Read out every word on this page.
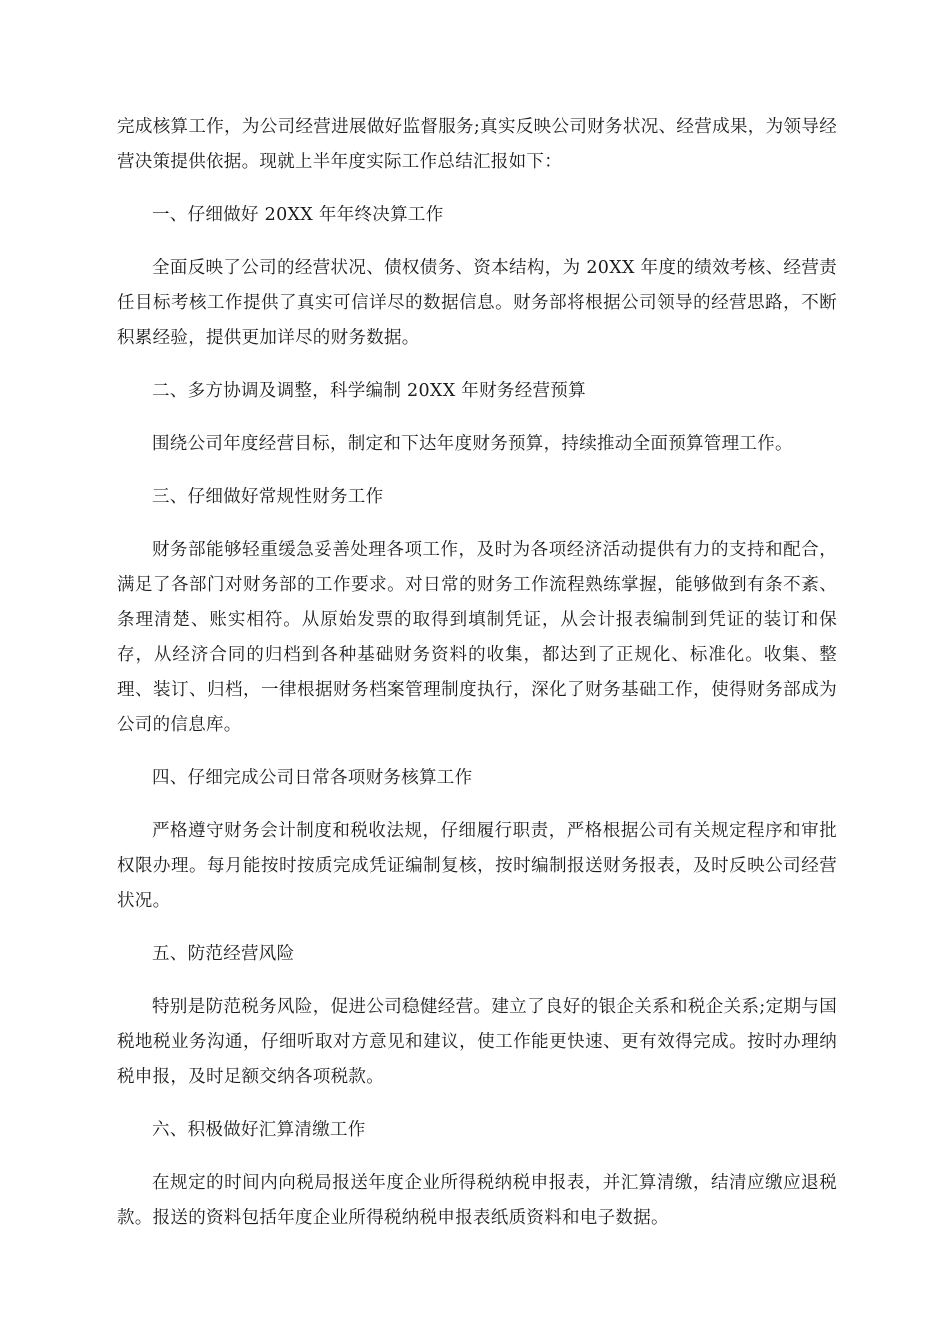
完成核算工作，为公司经营进展做好监督服务;真实反映公司财务状况、经营成果，为领导经营决策提供依据。现就上半年度实际工作总结汇报如下：

一、仔细做好 20XX 年年终决算工作

全面反映了公司的经营状况、债权债务、资本结构，为 20XX 年度的绩效考核、经营责任目标考核工作提供了真实可信详尽的数据信息。财务部将根据公司领导的经营思路，不断积累经验，提供更加详尽的财务数据。

二、多方协调及调整，科学编制 20XX 年财务经营预算

围绕公司年度经营目标，制定和下达年度财务预算，持续推动全面预算管理工作。

三、仔细做好常规性财务工作

财务部能够轻重缓急妥善处理各项工作，及时为各项经济活动提供有力的支持和配合，满足了各部门对财务部的工作要求。对日常的财务工作流程熟练掌握，能够做到有条不紊、条理清楚、账实相符。从原始发票的取得到填制凭证，从会计报表编制到凭证的装订和保存，从经济合同的归档到各种基础财务资料的收集，都达到了正规化、标准化。收集、整理、装订、归档，一律根据财务档案管理制度执行，深化了财务基础工作，使得财务部成为公司的信息库。

四、仔细完成公司日常各项财务核算工作

严格遵守财务会计制度和税收法规，仔细履行职责，严格根据公司有关规定程序和审批权限办理。每月能按时按质完成凭证编制复核，按时编制报送财务报表，及时反映公司经营状况。

五、防范经营风险

特别是防范税务风险，促进公司稳健经营。建立了良好的银企关系和税企关系;定期与国税地税业务沟通，仔细听取对方意见和建议，使工作能更快速、更有效得完成。按时办理纳税申报，及时足额交纳各项税款。

六、积极做好汇算清缴工作

在规定的时间内向税局报送年度企业所得税纳税申报表，并汇算清缴，结清应缴应退税款。报送的资料包括年度企业所得税纳税申报表纸质资料和电子数据。
